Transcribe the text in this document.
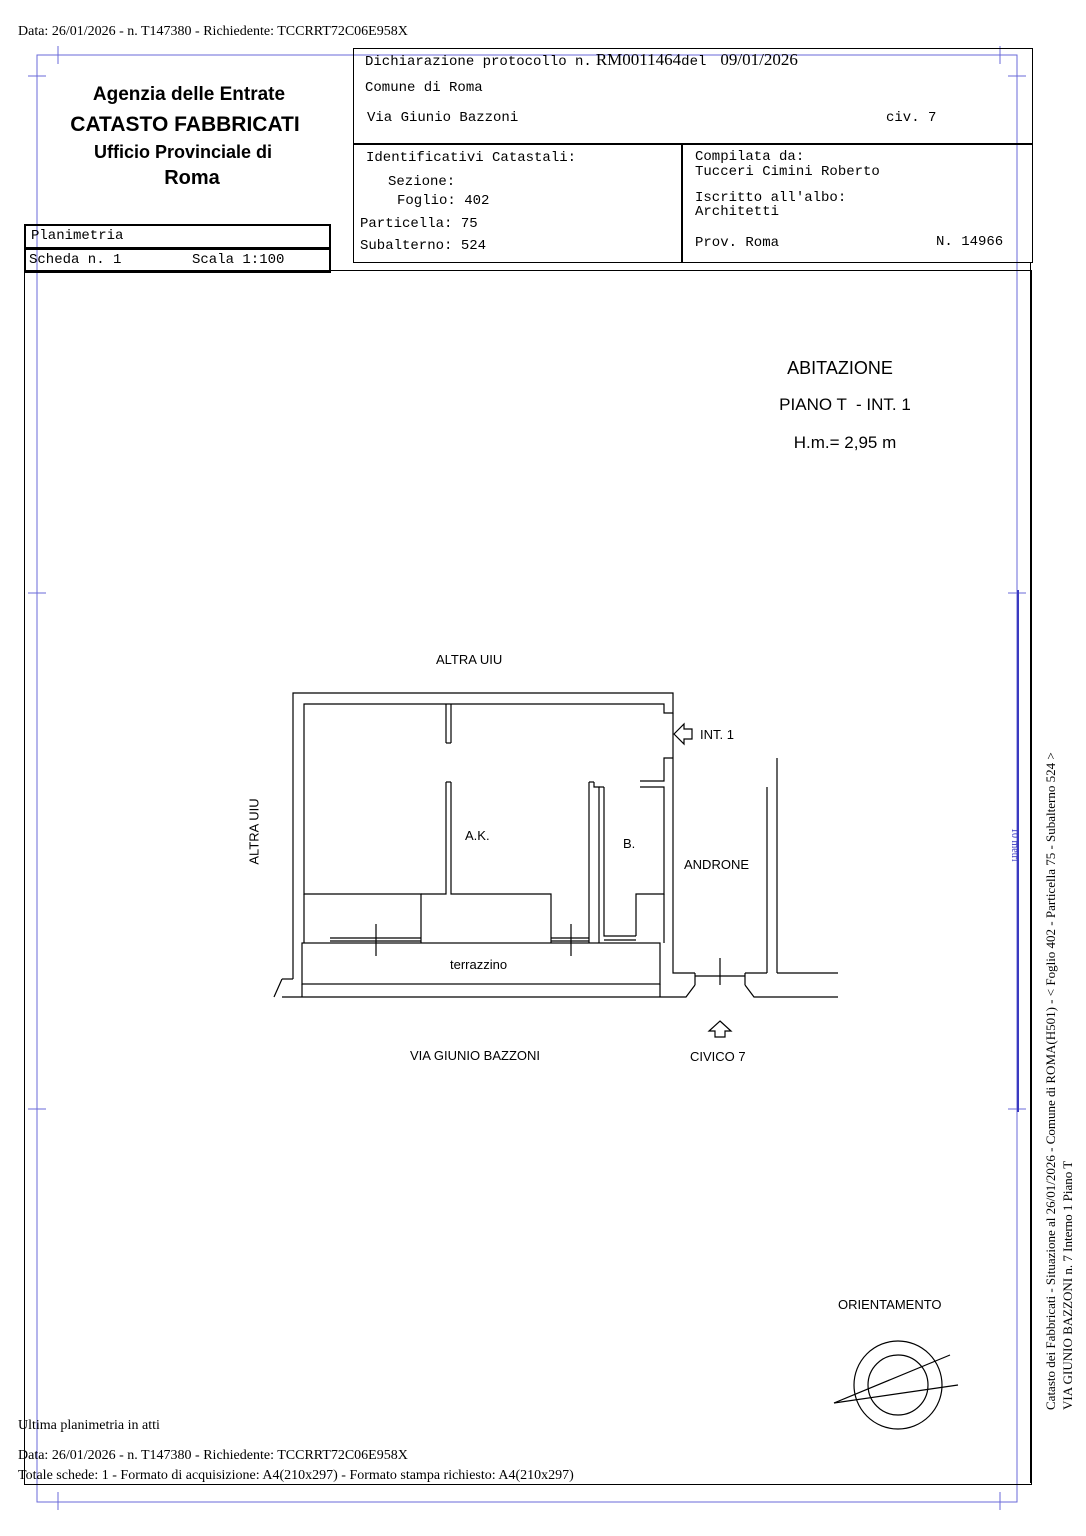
Data: 26/01/2026 - n. T147380 - Richiedente: TCCRRT72C06E958X
Agenzia delle Entrate
CATASTO FABBRICATI
Ufficio Provinciale di
Roma
Planimetria
Scheda n. 1	Scala 1:100
Dichiarazione protocollo n. RM0011464del 09/01/2026
Comune di Roma
Via Giunio Bazzoni	civ. 7
Identificativi Catastali:
Sezione:
Foglio: 402
Particella: 75
Subalterno: 524
Compilata da:
Tucceri Cimini Roberto
Iscritto all'albo:
Architetti
Prov. Roma	N. 14966
ABITAZIONE
PIANO T  - INT. 1
H.m.= 2,95 m
ALTRA UIU
ALTRA UIU
INT. 1
A.K.
B.
ANDRONE
terrazzino
VIA GIUNIO BAZZONI	CIVICO 7
ORIENTAMENTO	Catasto dei Fabbricati - Situazione al 26/01/2026 - Comune di ROMA(H501) - < Foglio 402 - Particella 75 - Subalterno 524 > VIA GIUNIO BAZZONI n. 7 Interno 1 Piano T
10 metri
Ultima planimetria in atti
Data: 26/01/2026 - n. T147380 - Richiedente: TCCRRT72C06E958X
Totale schede: 1 - Formato di acquisizione: A4(210x297) - Formato stampa richiesto: A4(210x297)
